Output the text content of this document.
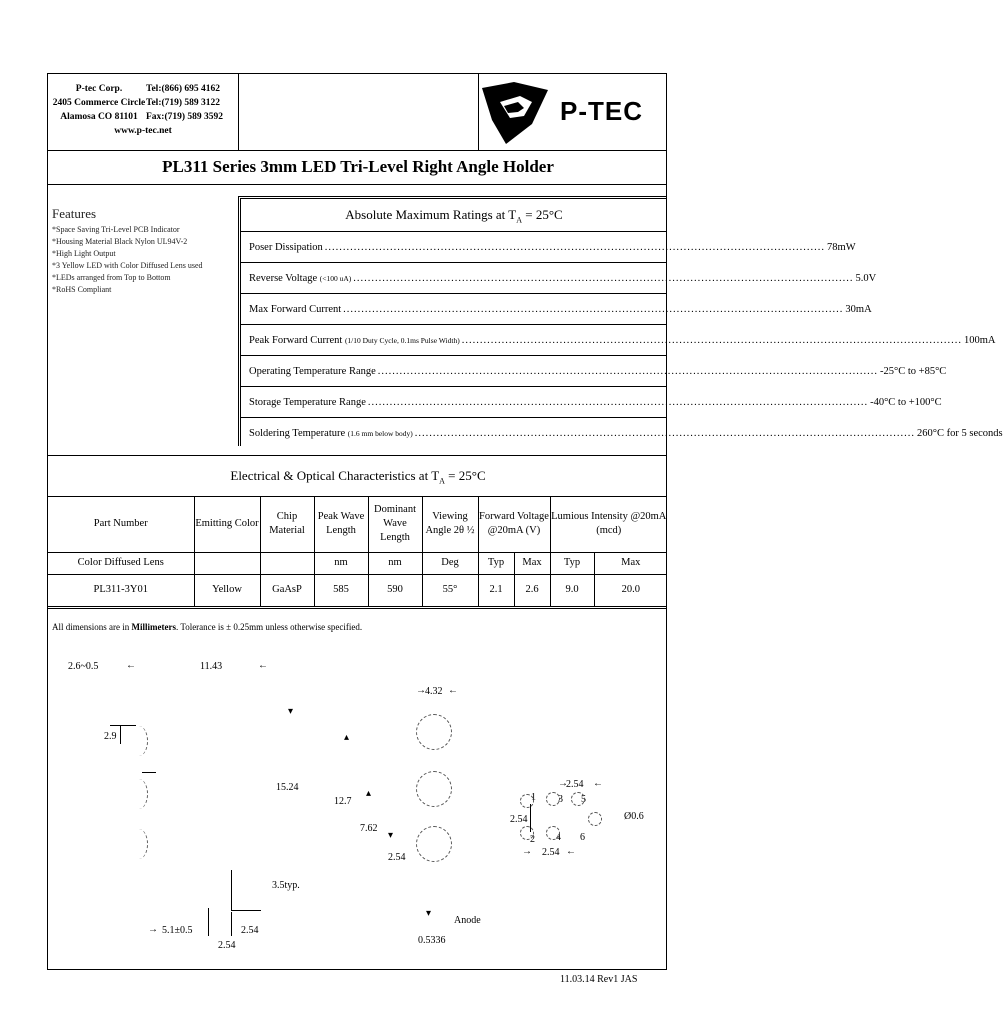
P-tec Corp.	Tel:(866) 695 4162
2405 Commerce Circle Tel:(719) 589 3122
Alamosa CO 81101 Fax:(719) 589 3592
www.p-tec.net
P-TEC
PL311 Series 3mm LED Tri-Level Right Angle Holder
Features
*Space Saving Tri-Level PCB Indicator
*Housing Material Black Nylon UL94V-2
*High Light Output
*3 Yellow LED with Color Diffused Lens used
*LEDs arranged from Top to Bottom
*RoHS Compliant
Absolute Maximum Ratings at $T_A = 25^\circ C$
Poser Dissipation .......................................................................................................................................... 78mW
Reverse Voltage (<100 uA) .......................................................................................................................................... 5.0V
Max Forward Current .......................................................................................................................................... 30mA
Peak Forward Current (1/10 Duty Cycle, 0.1ms Pulse Width) .......................................................................................................................................... 100mA
Operating Temperature Range .......................................................................................................................................... -25°C to +85°C
Storage Temperature Range .......................................................................................................................................... -40°C to +100°C
Soldering Temperature (1.6 mm below body) .......................................................................................................................................... 260°C for 5 seconds
Electrical & Optical Characteristics at $T_A = 25^\circ C$
Part Number	Emitting Color	Chip Material	Peak Wave Length	Dominant Wave Length	Viewing Angle 2θ ½	Forward Voltage @20mA (V)		Lumious Intensity @20mA (mcd)	
Color Diffused Lens			nm	nm	Deg	Typ	Max	Typ	Max
PL311-3Y01	Yellow	GaAsP	585	590	55°	2.1	2.6	9.0	20.0
All dimensions are in Millimeters. Tolerance is ± 0.25mm unless otherwise specified.
2.6~0.5	←	11.43	←
→ 4.32 ←
2.9
▾
▴
15.24
▴
12.7
7.62
▾
2.54
3.5typ.
→ 5.1±0.5	2.54
2.54
▾
Anode
0.5336
→
2.54 ←
1 3 5
2.54	Ø0.6
2 4 6
→ 2.54 ←
11.03.14 Rev1 JAS
